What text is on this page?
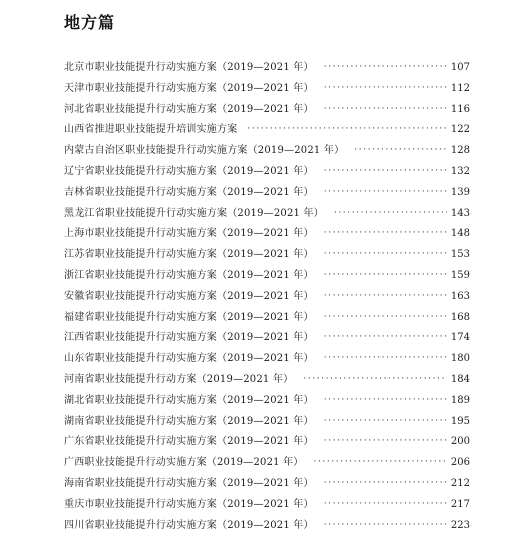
地方篇
北京市职业技能提升行动实施方案（2019—2021 年） ·····	107
天津市职业技能提升行动实施方案（2019—2021 年） ·····	112
河北省职业技能提升行动实施方案（2019—2021 年） ·····	116
山西省推进职业技能提升培训实施方案 ·····	122
内蒙古自治区职业技能提升行动实施方案（2019—2021 年） ·····	128
辽宁省职业技能提升行动实施方案（2019—2021 年） ·····	132
吉林省职业技能提升行动实施方案（2019—2021 年） ·····	139
黑龙江省职业技能提升行动实施方案（2019—2021 年） ·····	143
上海市职业技能提升行动实施方案（2019—2021 年） ·····	148
江苏省职业技能提升行动实施方案（2019—2021 年） ·····	153
浙江省职业技能提升行动实施方案（2019—2021 年） ·····	159
安徽省职业技能提升行动实施方案（2019—2021 年） ·····	163
福建省职业技能提升行动实施方案（2019—2021 年） ·····	168
江西省职业技能提升行动实施方案（2019—2021 年） ·····	174
山东省职业技能提升行动实施方案（2019—2021 年） ·····	180
河南省职业技能提升行动方案（2019—2021 年） ·····	184
湖北省职业技能提升行动实施方案（2019—2021 年） ·····	189
湖南省职业技能提升行动实施方案（2019—2021 年） ·····	195
广东省职业技能提升行动实施方案（2019—2021 年） ·····	200
广西职业技能提升行动实施方案（2019—2021 年） ·····	206
海南省职业技能提升行动实施方案（2019—2021 年） ·····	212
重庆市职业技能提升行动实施方案（2019—2021 年） ·····	217
四川省职业技能提升行动实施方案（2019—2021 年） ·····	223
